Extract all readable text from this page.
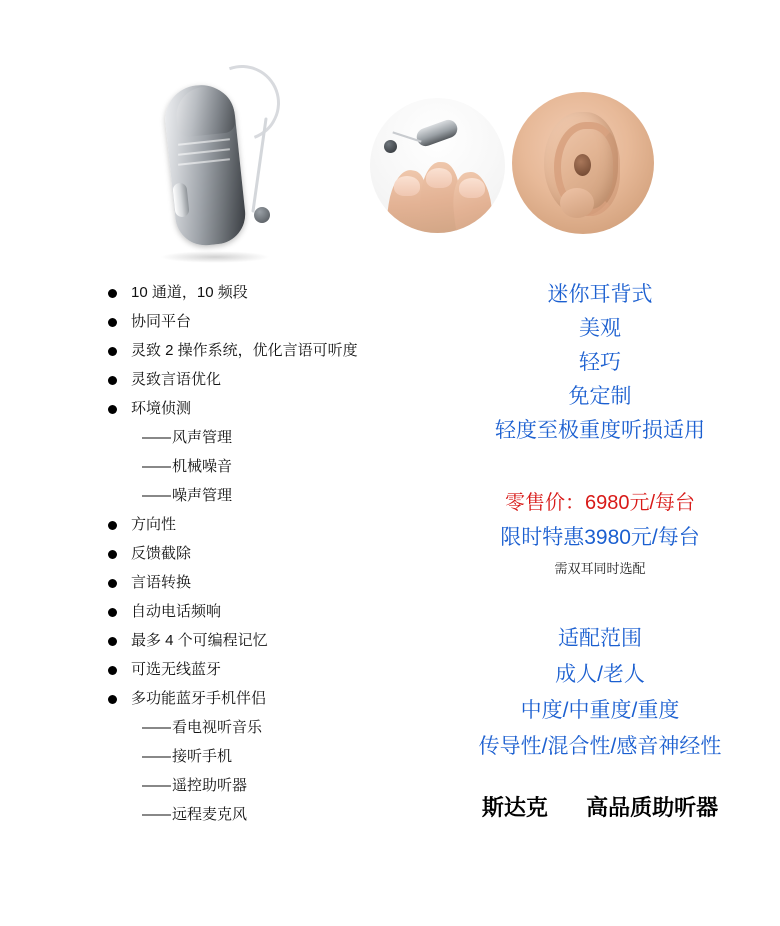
10 通道，10 频段
协同平台
灵致 2 操作系统，优化言语可听度
灵致言语优化
环境侦测
—— 风声管理
—— 机械噪音
—— 噪声管理
方向性
反馈截除
言语转换
自动电话频响
最多 4 个可编程记忆
可选无线蓝牙
多功能蓝牙手机伴侣
—— 看电视听音乐
—— 接听手机
—— 遥控助听器
—— 远程麦克风
迷你耳背式
美观
轻巧
免定制
轻度至极重度听损适用
零售价：6980元/每台
限时特惠3980元/每台
需双耳同时选配
适配范围
成人/老人
中度/中重度/重度
传导性/混合性/感音神经性
斯达克 高品质助听器
